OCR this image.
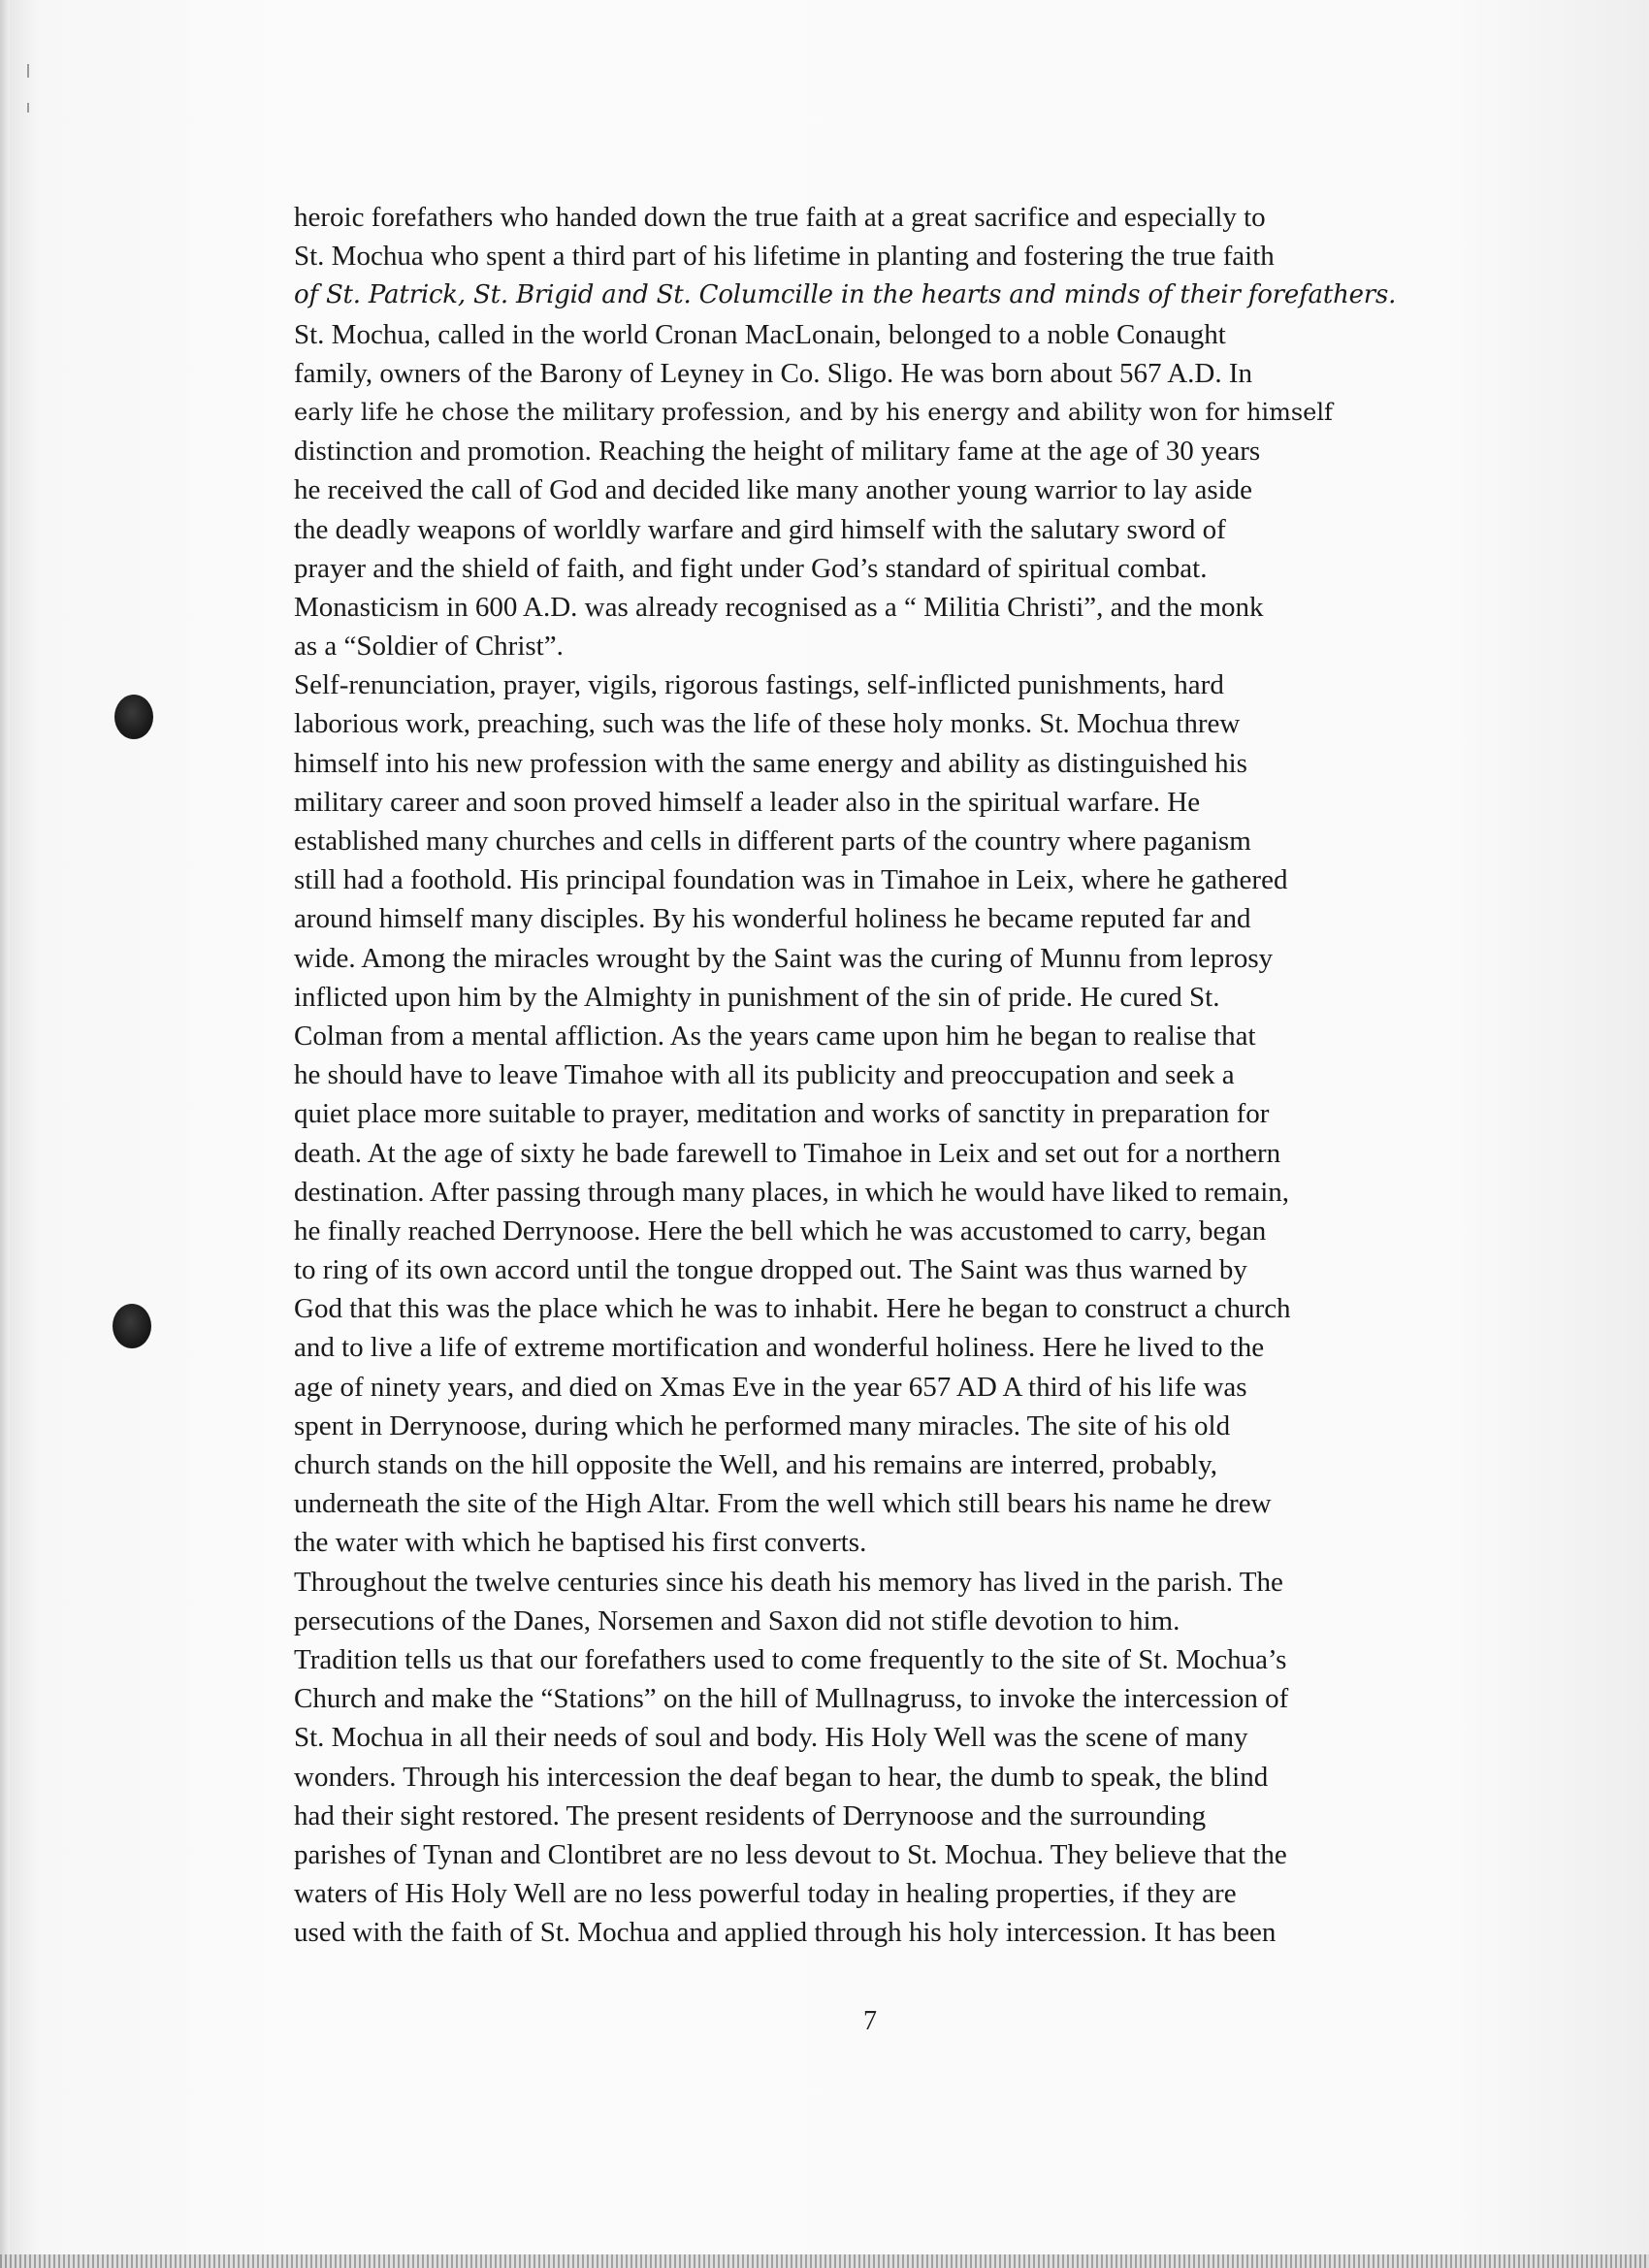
heroic forefathers who handed down the true faith at a great sacrifice and especially to
St. Mochua who spent a third part of his lifetime in planting and fostering the true faith
of St. Patrick, St. Brigid and St. Columcille in the hearts and minds of their forefathers.
St. Mochua, called in the world Cronan MacLonain, belonged to a noble Conaught
family, owners of the Barony of Leyney in Co. Sligo. He was born about 567 A.D. In
early life he chose the military profession, and by his energy and ability won for himself
distinction and promotion. Reaching the height of military fame at the age of 30 years
he received the call of God and decided like many another young warrior to lay aside
the deadly weapons of worldly warfare and gird himself with the salutary sword of
prayer and the shield of faith, and fight under God’s standard of spiritual combat.
Monasticism in 600 A.D. was already recognised as a “ Militia Christi”, and the monk
as a “Soldier of Christ”.
Self-renunciation, prayer, vigils, rigorous fastings, self-inflicted punishments, hard
laborious work, preaching, such was the life of these holy monks. St. Mochua threw
himself into his new profession with the same energy and ability as distinguished his
military career and soon proved himself a leader also in the spiritual warfare. He
established many churches and cells in different parts of the country where paganism
still had a foothold. His principal foundation was in Timahoe in Leix, where he gathered
around himself many disciples. By his wonderful holiness he became reputed far and
wide. Among the miracles wrought by the Saint was the curing of Munnu from leprosy
inflicted upon him by the Almighty in punishment of the sin of pride. He cured St.
Colman from a mental affliction. As the years came upon him he began to realise that
he should have to leave Timahoe with all its publicity and preoccupation and seek a
quiet place more suitable to prayer, meditation and works of sanctity in preparation for
death. At the age of sixty he bade farewell to Timahoe in Leix and set out for a northern
destination. After passing through many places, in which he would have liked to remain,
he finally reached Derrynoose. Here the bell which he was accustomed to carry, began
to ring of its own accord until the tongue dropped out. The Saint was thus warned by
God that this was the place which he was to inhabit. Here he began to construct a church
and to live a life of extreme mortification and wonderful holiness. Here he lived to the
age of ninety years, and died on Xmas Eve in the year 657 AD A third of his life was
spent in Derrynoose, during which he performed many miracles. The site of his old
church stands on the hill opposite the Well, and his remains are interred, probably,
underneath the site of the High Altar. From the well which still bears his name he drew
the water with which he baptised his first converts.
Throughout the twelve centuries since his death his memory has lived in the parish. The
persecutions of the Danes, Norsemen and Saxon did not stifle devotion to him.
Tradition tells us that our forefathers used to come frequently to the site of St. Mochua’s
Church and make the “Stations” on the hill of Mullnagruss, to invoke the intercession of
St. Mochua in all their needs of soul and body. His Holy Well was the scene of many
wonders. Through his intercession the deaf began to hear, the dumb to speak, the blind
had their sight restored. The present residents of Derrynoose and the surrounding
parishes of Tynan and Clontibret are no less devout to St. Mochua. They believe that the
waters of His Holy Well are no less powerful today in healing properties, if they are
used with the faith of St. Mochua and applied through his holy intercession. It has been
7
